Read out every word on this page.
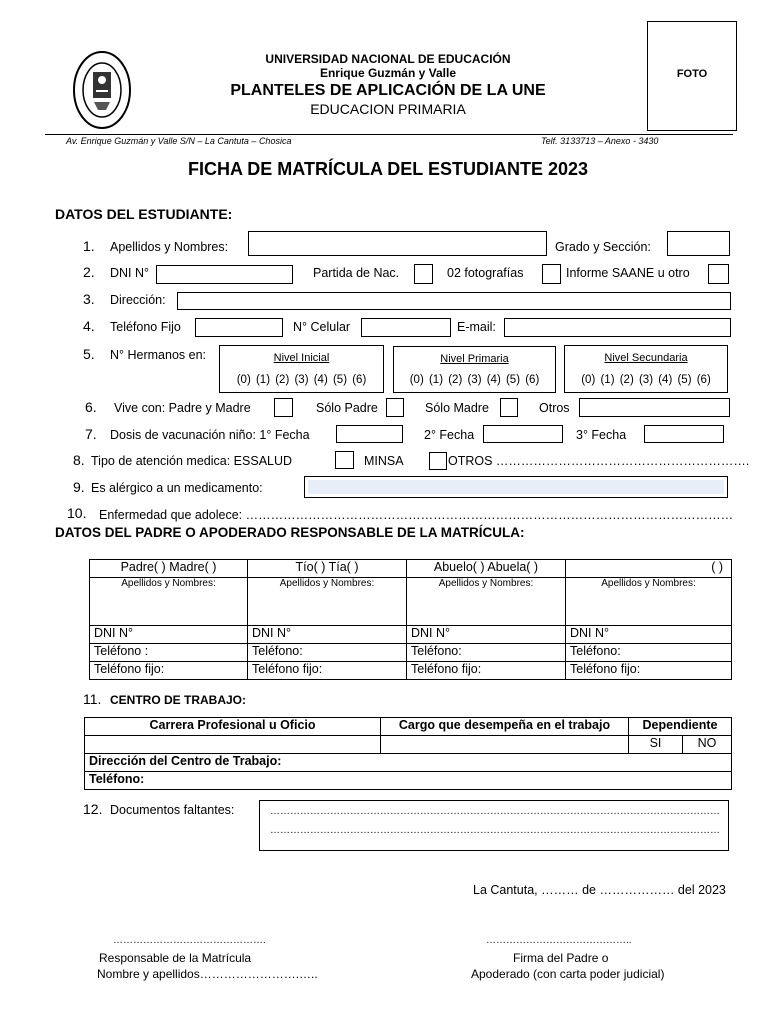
UNIVERSIDAD NACIONAL DE EDUCACIÓN
Enrique Guzmán y Valle
PLANTELES DE APLICACIÓN DE LA UNE
EDUCACION PRIMARIA
FOTO
Av. Enrique Guzmán y Valle S/N – La Cantuta – Chosica	Telf. 3133713 – Anexo - 3430
FICHA DE MATRÍCULA DEL ESTUDIANTE 2023
DATOS DEL ESTUDIANTE:
1. Apellidos y Nombres:	Grado y Sección:
2. DNI N°	Partida de Nac.	02 fotografías	Informe SAANE u otro
3. Dirección:
4. Teléfono Fijo	N° Celular	E-mail:
5. N° Hermanos en:	Nivel Inicial
(0) (1) (2) (3) (4) (5) (6)
Nivel Primaria
(0) (1) (2) (3) (4) (5) (6)
Nivel Secundaria
(0) (1) (2) (3) (4) (5) (6)
6. Vive con: Padre y Madre	Sólo Padre	Sólo Madre	Otros
7. Dosis de vacunación niño: 1° Fecha	2° Fecha	3° Fecha
8. Tipo de atención medica: ESSALUD	MINSA	OTROS …………………………………………………….
9. Es alérgico a un medicamento:
10. Enfermedad que adolece: ………………………………………………………………………………………………………
DATOS DEL PADRE O APODERADO RESPONSABLE DE LA MATRÍCULA:
Padre( ) Madre( )	Tío( ) Tía( )	Abuelo( ) Abuela( )	( )
Apellidos y Nombres:	Apellidos y Nombres:	Apellidos y Nombres:	Apellidos y Nombres:
DNI N°	DNI N°	DNI N°	DNI N°
Teléfono :	Teléfono:	Teléfono:	Teléfono:
Teléfono fijo:	Teléfono fijo:	Teléfono fijo:	Teléfono fijo:
11. CENTRO DE TRABAJO:
Carrera Profesional u Oficio	Cargo que desempeña en el trabajo	Dependiente	
		SI	NO
Dirección del Centro de Trabajo:			
Teléfono:			
12. Documentos faltantes:	………………………………………………………………………………………………………………………
………………………………………………………………………………………………………………………
La Cantuta, ……… de ……………… del 2023
……………………………………….
Responsable de la Matrícula
Nombre y apellidos…………………….…..
……………………………………..
Firma del Padre o
Apoderado (con carta poder judicial)
